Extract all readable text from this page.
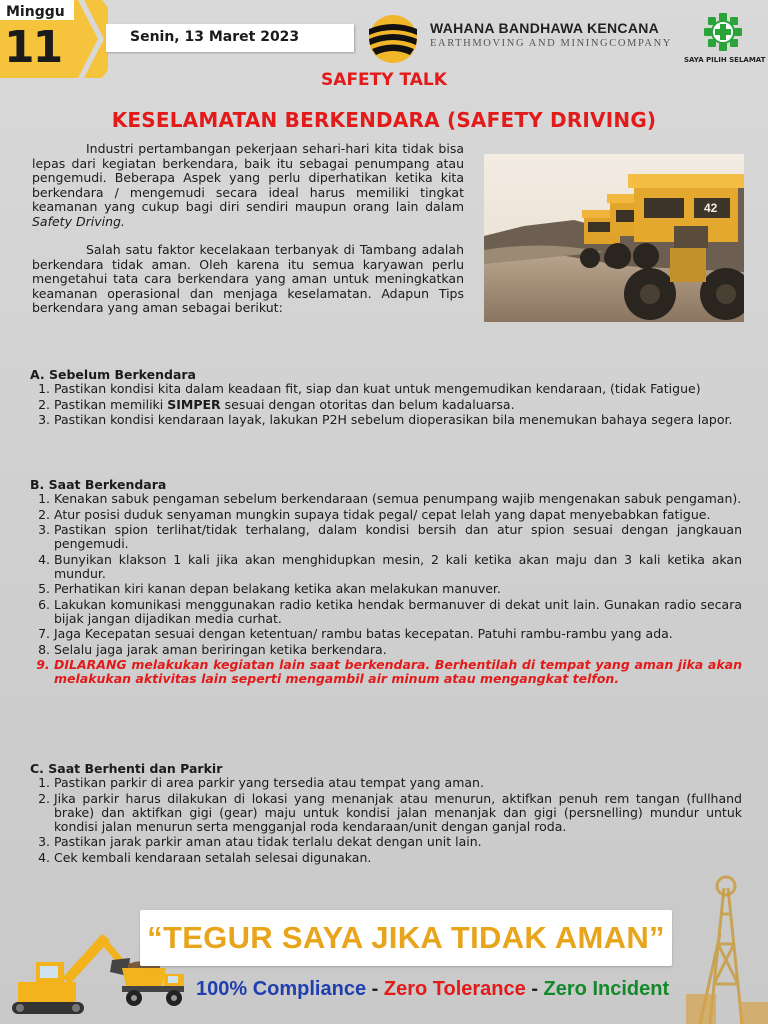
Minggu
11	Senin, 13 Maret 2023
WAHANA BANDHAWA KENCANA
EARTHMOVING AND MININGCOMPANY
SAYA PILIH SELAMAT
SAFETY TALK
KESELAMATAN BERKENDARA (SAFETY DRIVING)

Industri pertambangan pekerjaan sehari-hari kita tidak bisa lepas dari kegiatan berkendara, baik itu sebagai penumpang atau pengemudi. Beberapa Aspek yang perlu diperhatikan ketika kita berkendara / mengemudi secara ideal harus memiliki tingkat keamanan yang cukup bagi diri sendiri maupun orang lain dalam Safety Driving.

Salah satu faktor kecelakaan terbanyak di Tambang adalah berkendara tidak aman. Oleh karena itu semua karyawan perlu mengetahui tata cara berkendara yang aman untuk meningkatkan keamanan operasional dan menjaga keselamatan. Adapun Tips berkendara yang aman sebagai berikut:

42

A. Sebelum Berkendara

1. Pastikan kondisi kita dalam keadaan fit, siap dan kuat untuk mengemudikan kendaraan, (tidak Fatigue)
2. Pastikan memiliki SIMPER sesuai dengan otoritas dan belum kadaluarsa.
3. Pastikan kondisi kendaraan layak, lakukan P2H sebelum dioperasikan bila menemukan bahaya segera lapor.

B. Saat Berkendara

1. Kenakan sabuk pengaman sebelum berkendaraan (semua penumpang wajib mengenakan sabuk pengaman).
2. Atur posisi duduk senyaman mungkin supaya tidak pegal/ cepat lelah yang dapat menyebabkan fatigue.
3. Pastikan spion terlihat/tidak terhalang, dalam kondisi bersih dan atur spion sesuai dengan jangkauan pengemudi.
4. Bunyikan klakson 1 kali jika akan menghidupkan mesin, 2 kali ketika akan maju dan 3 kali ketika akan mundur.
5. Perhatikan kiri kanan depan belakang ketika akan melakukan manuver.
6. Lakukan komunikasi menggunakan radio ketika hendak bermanuver di dekat unit lain. Gunakan radio secara bijak jangan dijadikan media curhat.
7. Jaga Kecepatan sesuai dengan ketentuan/ rambu batas kecepatan. Patuhi rambu-rambu yang ada.
8. Selalu jaga jarak aman beriringan ketika berkendara.
9. DILARANG melakukan kegiatan lain saat berkendara. Berhentilah di tempat yang aman jika akan melakukan aktivitas lain seperti mengambil air minum atau mengangkat telfon.

C. Saat Berhenti dan Parkir

1. Pastikan parkir di area parkir yang tersedia atau tempat yang aman.
2. Jika parkir harus dilakukan di lokasi yang menanjak atau menurun, aktifkan penuh rem tangan (fullhand brake) dan aktifkan gigi (gear) maju untuk kondisi jalan menanjak dan gigi (persnelling) mundur untuk kondisi jalan menurun serta mengganjal roda kendaraan/unit dengan ganjal roda.
3. Pastikan jarak parkir aman atau tidak terlalu dekat dengan unit lain.
4. Cek kembali kendaraan setalah selesai digunakan.
“TEGUR SAYA JIKA TIDAK AMAN”
100% Compliance - Zero Tolerance - Zero Incident
